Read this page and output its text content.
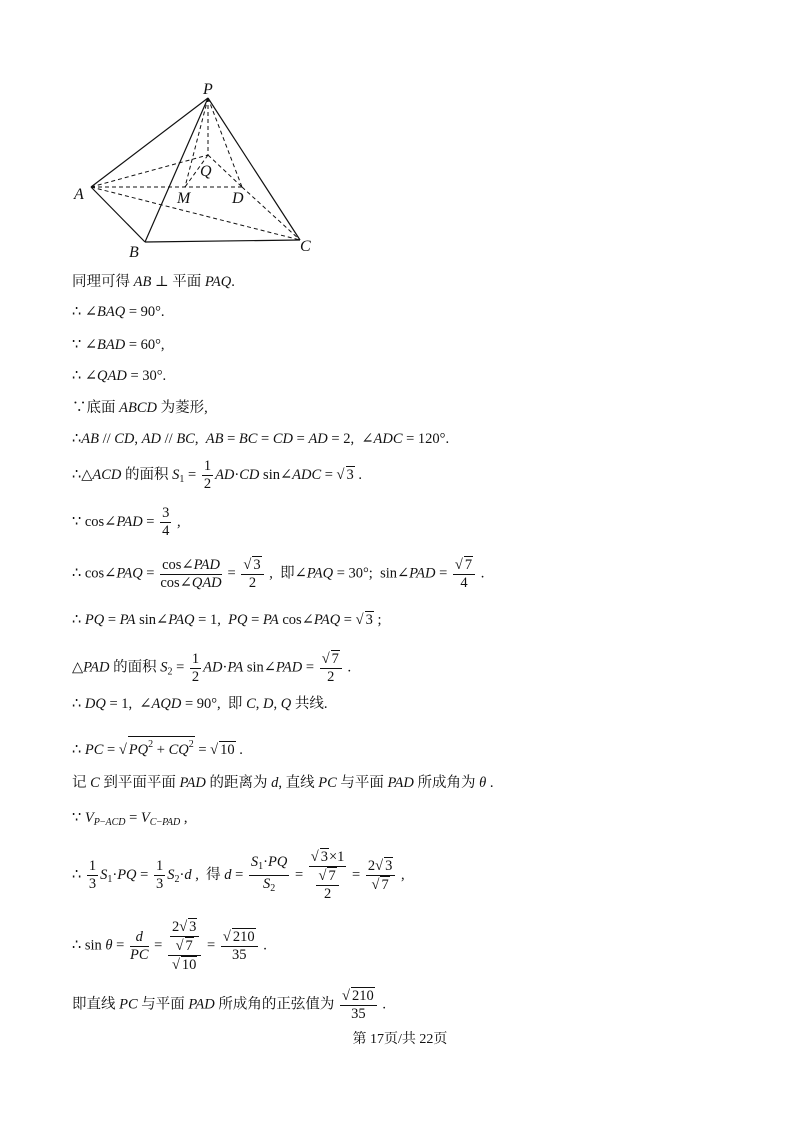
P
Q
A	M	D
B	C
同理可得 AB ⊥ 平面 PAQ.
∴ ∠BAQ = 90°.
∵ ∠BAD = 60°,
∴ ∠QAD = 30°.
∵底面 ABCD 为菱形,
∴AB // CD, AD // BC,  AB = BC = CD = AD = 2,  ∠ADC = 120°.
∴△ACD 的面积 $S_1 = \frac{1}{2} AD\cdot CD$ sin∠ADC = √ 3 .
∵ cos∠PAD = $\frac{3}{4}$ ,
∴ cos∠PAQ = $\frac{\text{cos∠PAD}}{\text{cos∠QAD}} = \frac{√ 3}{2}$ ,  即∠PAQ = 30°;  sin∠PAD = $\frac{√ 7}{4}$ .
∴ PQ = PA sin∠PAQ = 1,  PQ = PA cos∠PAQ = √ 3 ;
△PAD 的面积 $S_2 = \frac{1}{2} AD\cdot PA$ sin∠PAD = $\frac{√ 7}{2}$ .
∴ DQ = 1,  ∠AQD = 90°,  即 C, D, Q 共线.
∴ PC = √ $PQ^2 + CQ^2$ = √ 10 .
记 C 到平面平面 PAD 的距离为 d, 直线 PC 与平面 PAD 所成角为 θ .
∵ $V_{P-ACD} = V_{C-PAD}$ ,
∴ $\frac{1}{3} S_1\cdot PQ = \frac{1}{3} S_2\cdot d$ ,  得 $d = \frac{S_1\cdot PQ}{S_2} = \frac{√ 3\times 1}{\frac{√ 7}{2}} = \frac{2√ 3}{√ 7}$ ,
∴ $\sin \theta = \frac{d}{PC} = \frac{\frac{2√ 3}{√ 7}}{√ 10} = \frac{√ 210}{35}$ .
即直线 PC 与平面 PAD 所成角的正弦值为 $\frac{√ 210}{35}$ .
第 17页/共 22页
